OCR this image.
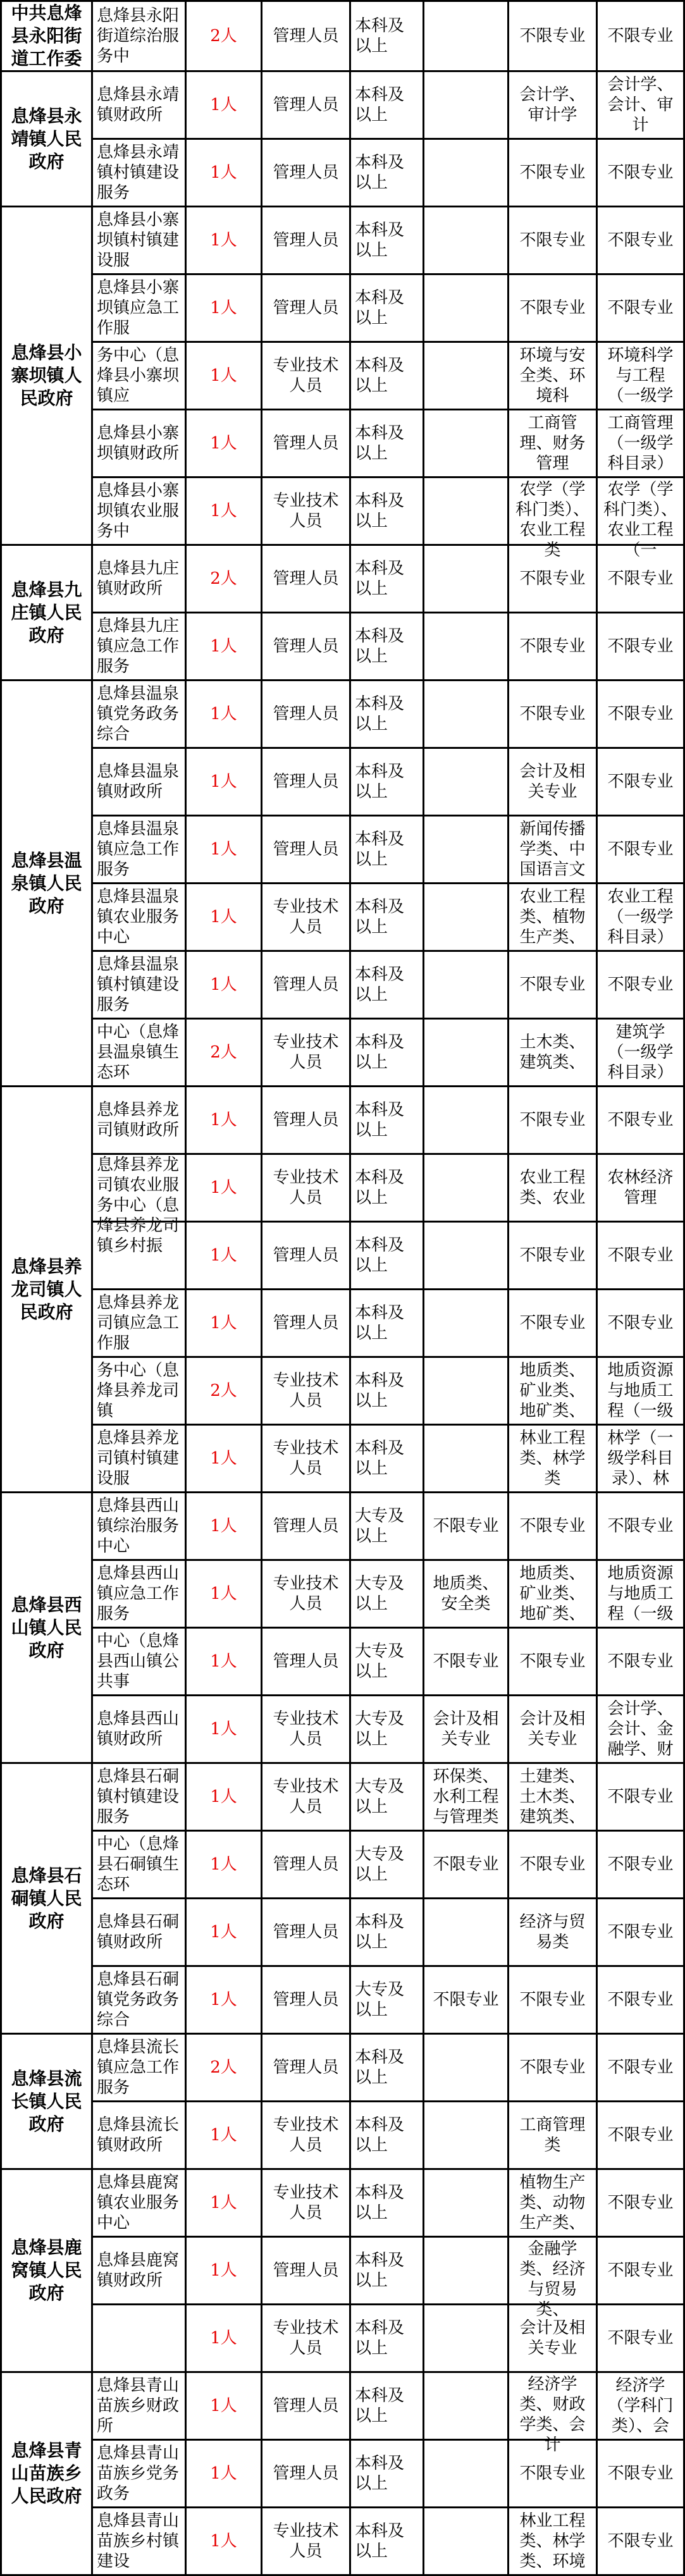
中共息烽县永阳街道工作委	息烽县永阳街道综治服务中	2人	管理人员	本科及以上		不限专业	不限专业

息烽县永靖镇人民政府	息烽县永靖镇财政所	1人	管理人员	本科及以上		会计学、审计学	会计学、会计、审计

	息烽县永靖镇村镇建设服务	1人	管理人员	本科及以上		不限专业	不限专业

息烽县小寨坝镇人民政府	息烽县小寨坝镇村镇建设服	1人	管理人员	本科及以上		不限专业	不限专业

	息烽县小寨坝镇应急工作服	1人	管理人员	本科及以上		不限专业	不限专业

	务中心（息烽县小寨坝镇应	1人	专业技术人员	本科及以上		环境与安全类、环境科	环境科学与工程（一级学

	息烽县小寨坝镇财政所	1人	管理人员	本科及以上		工商管理、财务管理	工商管理（一级学科目录）

	息烽县小寨坝镇农业服务中	1人	专业技术人员	本科及以上		农学（学科门类）、农业工程类	农学（学科门类）、农业工程（一

息烽县九庄镇人民政府	息烽县九庄镇财政所	2人	管理人员	本科及以上		不限专业	不限专业

	息烽县九庄镇应急工作服务	1人	管理人员	本科及以上		不限专业	不限专业

息烽县温泉镇人民政府	息烽县温泉镇党务政务综合	1人	管理人员	本科及以上		不限专业	不限专业

	息烽县温泉镇财政所	1人	管理人员	本科及以上		会计及相关专业	不限专业

	息烽县温泉镇应急工作服务	1人	管理人员	本科及以上		新闻传播学类、中国语言文	不限专业

	息烽县温泉镇农业服务中心	1人	专业技术人员	本科及以上		农业工程类、植物生产类、	农业工程（一级学科目录）

	息烽县温泉镇村镇建设服务	1人	管理人员	本科及以上		不限专业	不限专业

	中心（息烽县温泉镇生态环	2人	专业技术人员	本科及以上		土木类、建筑类、	建筑学（一级学科目录）

息烽县养龙司镇人民政府	息烽县养龙司镇财政所	1人	管理人员	本科及以上		不限专业	不限专业

	息烽县养龙司镇农业服务中心（息烽县养龙司镇乡村振	1人	专业技术人员	本科及以上		农业工程类、农业	农林经济管理

		1人	管理人员	本科及以上		不限专业	不限专业

	息烽县养龙司镇应急工作服	1人	管理人员	本科及以上		不限专业	不限专业

	务中心（息烽县养龙司镇	2人	专业技术人员	本科及以上		地质类、矿业类、地矿类、	地质资源与地质工程（一级

	息烽县养龙司镇村镇建设服	1人	专业技术人员	本科及以上		林业工程类、林学类	林学（一级学科目录）、林

息烽县西山镇人民政府	息烽县西山镇综治服务中心	1人	管理人员	大专及以上	不限专业	不限专业	不限专业

	息烽县西山镇应急工作服务	1人	专业技术人员	大专及以上	地质类、安全类	地质类、矿业类、地矿类、	地质资源与地质工程（一级

	中心（息烽县西山镇公共事	1人	管理人员	大专及以上	不限专业	不限专业	不限专业

	息烽县西山镇财政所	1人	专业技术人员	大专及以上	会计及相关专业	会计及相关专业	会计学、会计、金融学、财

息烽县石硐镇人民政府	息烽县石硐镇村镇建设服务	1人	专业技术人员	大专及以上	环保类、水利工程与管理类	土建类、土木类、建筑类、	不限专业

	中心（息烽县石硐镇生态环	1人	管理人员	大专及以上	不限专业	不限专业	不限专业

	息烽县石硐镇财政所	1人	管理人员	本科及以上		经济与贸易类	不限专业

	息烽县石硐镇党务政务综合	1人	管理人员	大专及以上	不限专业	不限专业	不限专业

息烽县流长镇人民政府	息烽县流长镇应急工作服务	2人	管理人员	本科及以上		不限专业	不限专业

	息烽县流长镇财政所	1人	专业技术人员	本科及以上		工商管理类	不限专业

息烽县鹿窝镇人民政府	息烽县鹿窝镇农业服务中心	1人	专业技术人员	本科及以上		植物生产类、动物生产类、	不限专业

	息烽县鹿窝镇财政所	1人	管理人员	本科及以上		金融学类、经济与贸易类、	不限专业

		1人	专业技术人员	本科及以上		会计及相关专业	不限专业

息烽县青山苗族乡人民政府	息烽县青山苗族乡财政所	1人	管理人员	本科及以上		经济学类、财政学类、会计	经济学（学科门类）、会

	息烽县青山苗族乡党务政务	1人	管理人员	本科及以上		不限专业	不限专业

	息烽县青山苗族乡村镇建设	1人	专业技术人员	本科及以上		林业工程类、林学类、环境	不限专业
